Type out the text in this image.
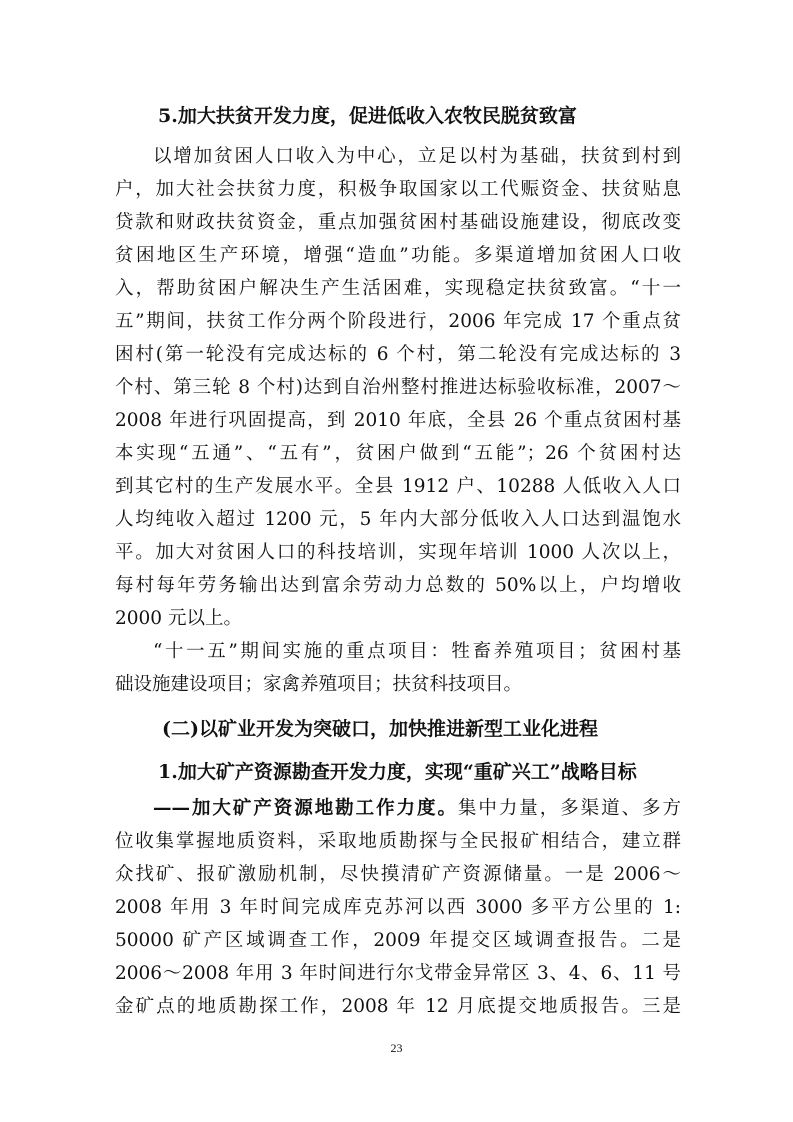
5.加大扶贫开发力度，促进低收入农牧民脱贫致富
以增加贫困人口收入为中心，立足以村为基础，扶贫到村到
户，加大社会扶贫力度，积极争取国家以工代赈资金、扶贫贴息
贷款和财政扶贫资金，重点加强贫困村基础设施建设，彻底改变
贫困地区生产环境，增强“造血”功能。多渠道增加贫困人口收
入，帮助贫困户解决生产生活困难，实现稳定扶贫致富。“十一
五”期间，扶贫工作分两个阶段进行，2006 年完成 17 个重点贫
困村(第一轮没有完成达标的 6 个村，第二轮没有完成达标的 3
个村、第三轮 8 个村)达到自治州整村推进达标验收标准，2007～
2008 年进行巩固提高，到 2010 年底，全县 26 个重点贫困村基
本实现“五通”、“五有”，贫困户做到“五能”；26 个贫困村达
到其它村的生产发展水平。全县 1912 户、10288 人低收入人口
人均纯收入超过 1200 元，5 年内大部分低收入人口达到温饱水
平。加大对贫困人口的科技培训，实现年培训 1000 人次以上，
每村每年劳务输出达到富余劳动力总数的 50%以上，户均增收
2000 元以上。
“十一五”期间实施的重点项目：牲畜养殖项目；贫困村基
础设施建设项目；家禽养殖项目；扶贫科技项目。
(二)以矿业开发为突破口，加快推进新型工业化进程
1.加大矿产资源勘查开发力度，实现“重矿兴工”战略目标
——加大矿产资源地勘工作力度。集中力量，多渠道、多方
位收集掌握地质资料，采取地质勘探与全民报矿相结合，建立群
众找矿、报矿激励机制，尽快摸清矿产资源储量。一是 2006～
2008 年用 3 年时间完成库克苏河以西 3000 多平方公里的 1:
50000 矿产区域调查工作，2009 年提交区域调查报告。二是
2006～2008 年用 3 年时间进行尔戈带金异常区 3、4、6、11 号
金矿点的地质勘探工作，2008 年 12 月底提交地质报告。三是
23
